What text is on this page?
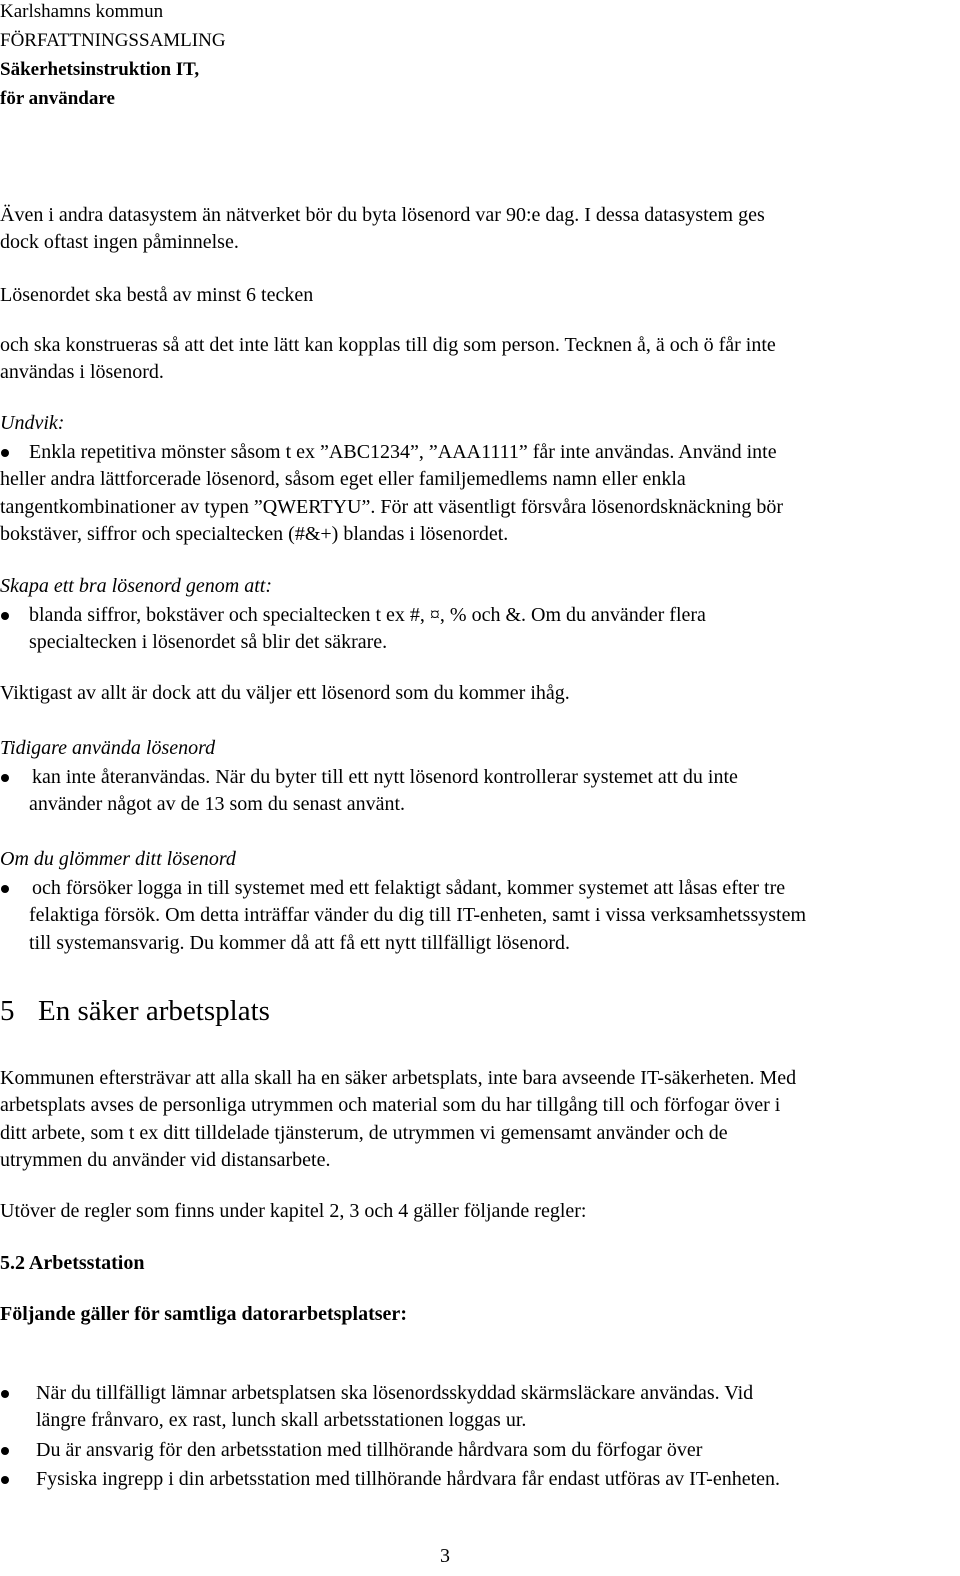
Karlshamns kommun
FÖRFATTNINGSSAMLING
Säkerhetsinstruktion IT,
för användare
Även i andra datasystem än nätverket bör du byta lösenord var 90:e dag. I dessa datasystem ges
dock oftast ingen påminnelse.
Lösenordet ska bestå av minst 6 tecken
och ska konstrueras så att det inte lätt kan kopplas till dig som person. Tecknen å, ä och ö får inte
användas i lösenord.
Undvik:
Enkla repetitiva mönster såsom t ex ”ABC1234”, ”AAA1111” får inte användas. Använd inte
heller andra lättforcerade lösenord, såsom eget eller familjemedlems namn eller enkla
tangentkombinationer av typen ”QWERTYU”. För att väsentligt försvåra lösenordsknäckning bör
bokstäver, siffror och specialtecken (#&+) blandas i lösenordet.
Skapa ett bra lösenord genom att:
blanda siffror, bokstäver och specialtecken t ex #, ¤, % och &. Om du använder flera
specialtecken i lösenordet så blir det säkrare.
Viktigast av allt är dock att du väljer ett lösenord som du kommer ihåg.
Tidigare använda lösenord
kan inte återanvändas. När du byter till ett nytt lösenord kontrollerar systemet att du inte
använder något av de 13 som du senast använt.
Om du glömmer ditt lösenord
och försöker logga in till systemet med ett felaktigt sådant, kommer systemet att låsas efter tre
felaktiga försök. Om detta inträffar vänder du dig till IT-enheten, samt i vissa verksamhetssystem
till systemansvarig. Du kommer då att få ett nytt tillfälligt lösenord.
5 En säker arbetsplats
Kommunen eftersträvar att alla skall ha en säker arbetsplats, inte bara avseende IT-säkerheten. Med
arbetsplats avses de personliga utrymmen och material som du har tillgång till och förfogar över i
ditt arbete, som t ex ditt tilldelade tjänsterum, de utrymmen vi gemensamt använder och de
utrymmen du använder vid distansarbete.
Utöver de regler som finns under kapitel 2, 3 och 4 gäller följande regler:
5.2 Arbetsstation
Följande gäller för samtliga datorarbetsplatser:
När du tillfälligt lämnar arbetsplatsen ska lösenordsskyddad skärmsläckare användas. Vid
längre frånvaro, ex rast, lunch skall arbetsstationen loggas ur.
Du är ansvarig för den arbetsstation med tillhörande hårdvara som du förfogar över
Fysiska ingrepp i din arbetsstation med tillhörande hårdvara får endast utföras av IT-enheten.
3
